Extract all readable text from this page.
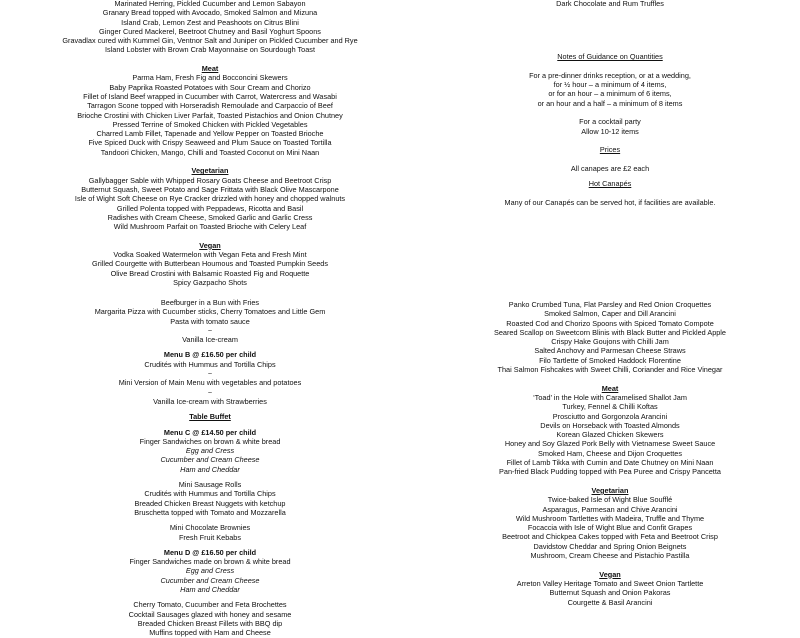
Marinated Herring, Pickled Cucumber and Lemon Sabayon
Granary Bread topped with Avocado, Smoked Salmon and Mizuna
Island Crab, Lemon Zest and Peashoots on Citrus Blini
Ginger Cured Mackerel, Beetroot Chutney and Basil Yoghurt Spoons
Gravadlax cured with Kummel Gin, Ventnor Salt and Juniper on Pickled Cucumber and Rye
Island Lobster with Brown Crab Mayonnaise on Sourdough Toast
Meat
Parma Ham, Fresh Fig and Bocconcini Skewers
Baby Paprika Roasted Potatoes with Sour Cream and Chorizo
Fillet of Island Beef wrapped in Cucumber with Carrot, Watercress and Wasabi
Tarragon Scone topped with Horseradish Remoulade and Carpaccio of Beef
Brioche Crostini with Chicken Liver Parfait, Toasted Pistachios and Onion Chutney
Pressed Terrine of Smoked Chicken with Pickled Vegetables
Charred Lamb Fillet, Tapenade and Yellow Pepper on Toasted Brioche
Five Spiced Duck with Crispy Seaweed and Plum Sauce on Toasted Tortilla
Tandoori Chicken, Mango, Chilli and Toasted Coconut on Mini Naan
Vegetarian
Gallybagger Sable with Whipped Rosary Goats Cheese and Beetroot Crisp
Butternut Squash, Sweet Potato and Sage Frittata with Black Olive Mascarpone
Isle of Wight Soft Cheese on Rye Cracker drizzled with honey and chopped walnuts
Grilled Polenta topped with Peppadews, Ricotta and Basil
Radishes with Cream Cheese, Smoked Garlic and Garlic Cress
Wild Mushroom Parfait on Toasted Brioche with Celery Leaf
Vegan
Vodka Soaked Watermelon with Vegan Feta and Fresh Mint
Grilled Courgette with Butterbean Houmous and Toasted Pumpkin Seeds
Olive Bread Crostini with Balsamic Roasted Fig and Roquette
Spicy Gazpacho Shots
Beefburger in a Bun with Fries
Margarita Pizza with Cucumber sticks, Cherry Tomatoes and Little Gem
Pasta with tomato sauce
~
Vanilla Ice-cream
Menu B @ £16.50 per child
Crudités with Hummus and Tortilla Chips
~
Mini Version of Main Menu with vegetables and potatoes
~
Vanilla Ice-cream with Strawberries
Table Buffet
Menu C @ £14.50 per child
Finger Sandwiches on brown & white bread
Egg and Cress
Cucumber and Cream Cheese
Ham and Cheddar
Mini Sausage Rolls
Crudités with Hummus and Tortilla Chips
Breaded Chicken Breast Nuggets with ketchup
Bruschetta topped with Tomato and Mozzarella
Mini Chocolate Brownies
Fresh Fruit Kebabs
Menu D @ £16.50 per child
Finger Sandwiches made on brown & white bread
Egg and Cress
Cucumber and Cream Cheese
Ham and Cheddar
Cherry Tomato, Cucumber and Feta Brochettes
Cocktail Sausages glazed with honey and sesame
Breaded Chicken Breast Fillets with BBQ dip
Muffins topped with Ham and Cheese
Dark Chocolate and Rum Truffles
Notes of Guidance on Quantities
For a pre-dinner drinks reception, or at a wedding,
for ½ hour – a minimum of 4 items,
or for an hour – a minimum of 6 items,
or an hour and a half – a minimum of 8 items
For a cocktail party
Allow 10-12 items
Prices
All canapes are £2 each
Hot Canapés
Many of our Canapés can be served hot, if facilities are available.
Panko Crumbed Tuna, Flat Parsley and Red Onion Croquettes
Smoked Salmon, Caper and Dill Arancini
Roasted Cod and Chorizo Spoons with Spiced Tomato Compote
Seared Scallop on Sweetcorn Blinis with Black Butter and Pickled Apple
Crispy Hake Goujons with Chilli Jam
Salted Anchovy and Parmesan Cheese Straws
Filo Tartlette of Smoked Haddock Florentine
Thai Salmon Fishcakes with Sweet Chilli, Coriander and Rice Vinegar
Meat
‘Toad’ in the Hole with Caramelised Shallot Jam
Turkey, Fennel & Chilli Koftas
Prosciutto and Gorgonzola Arancini
Devils on Horseback with Toasted Almonds
Korean Glazed Chicken Skewers
Honey and Soy Glazed Pork Belly with Vietnamese Sweet Sauce
Smoked Ham, Cheese and Dijon Croquettes
Fillet of Lamb Tikka with Cumin and Date Chutney on Mini Naan
Pan-fried Black Pudding topped with Pea Puree and Crispy Pancetta
Vegetarian
Twice-baked Isle of Wight Blue Soufflé
Asparagus, Parmesan and Chive Arancini
Wild Mushroom Tartlettes with Madeira, Truffle and Thyme
Focaccia with Isle of Wight Blue and Confit Grapes
Beetroot and Chickpea Cakes topped with Feta and Beetroot Crisp
Davidstow Cheddar and Spring Onion Beignets
Mushroom, Cream Cheese and Pistachio Pastilla
Vegan
Arreton Valley Heritage Tomato and Sweet Onion Tartlette
Butternut Squash and Onion Pakoras
Courgette & Basil Arancini
